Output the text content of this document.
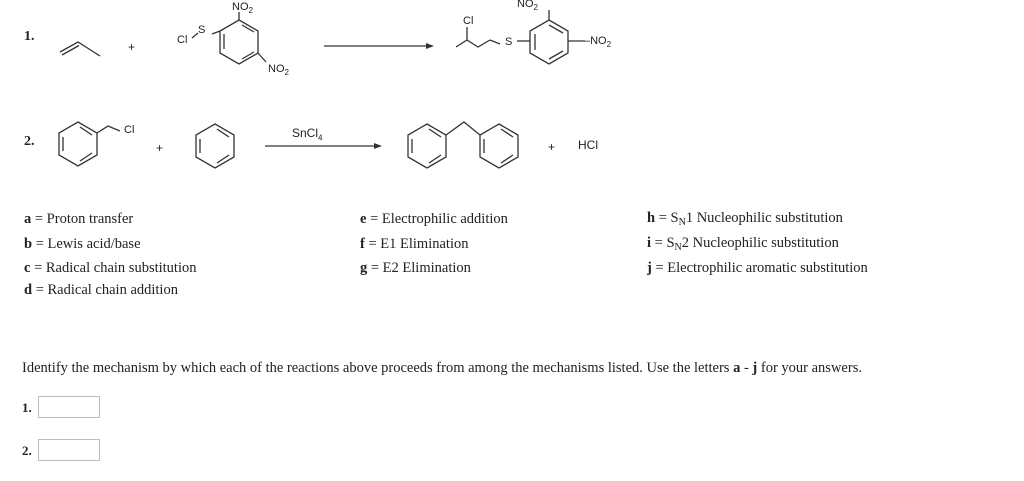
1.
+	Cl
S
$NO_2$
$NO_2$
Cl
S
$NO_2$
$-NO_2$
2.
Cl
+
SnCl$_4$
+ HCl
a = Proton transfer
b = Lewis acid/base
c = Radical chain substitution
d = Radical chain addition
e = Electrophilic addition
f = E1 Elimination
g = E2 Elimination
$h = S_N1$ Nucleophilic substitution
$i = S_N2$ Nucleophilic substitution
j = Electrophilic aromatic substitution
Identify the mechanism by which each of the reactions above proceeds from among the mechanisms listed. Use the letters a - j for your answers.
1.
2.
